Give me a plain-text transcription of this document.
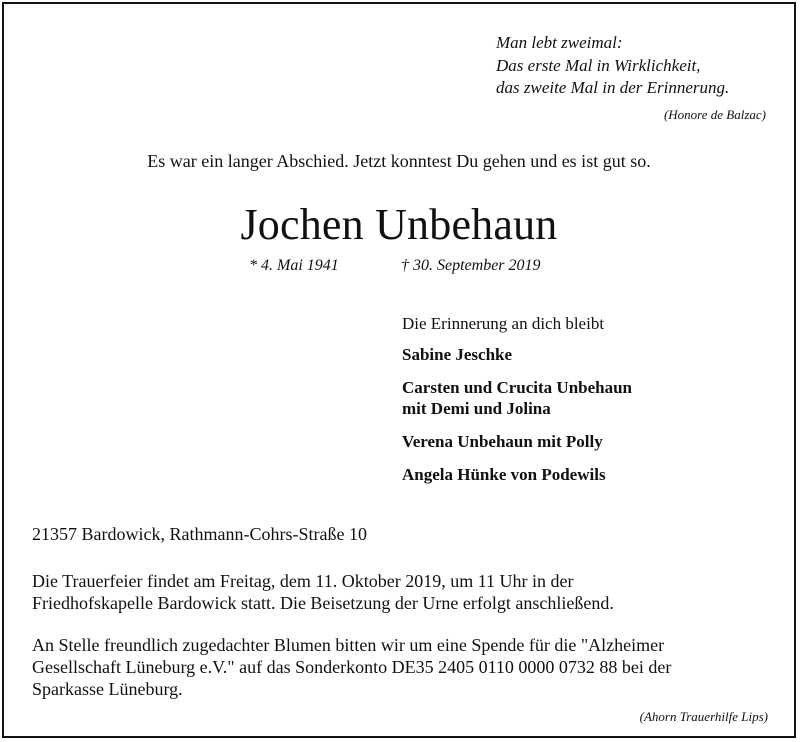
Man lebt zweimal:
Das erste Mal in Wirklichkeit,
das zweite Mal in der Erinnerung.
(Honore de Balzac)
Es war ein langer Abschied. Jetzt konntest Du gehen und es ist gut so.
Jochen Unbehaun
* 4. Mai 1941	† 30. September 2019
Die Erinnerung an dich bleibt
Sabine Jeschke
Carsten und Crucita Unbehaun
mit Demi und Jolina
Verena Unbehaun mit Polly
Angela Hünke von Podewils
21357 Bardowick, Rathmann-Cohrs-Straße 10
Die Trauerfeier findet am Freitag, dem 11. Oktober 2019, um 11 Uhr in der
Friedhofskapelle Bardowick statt. Die Beisetzung der Urne erfolgt anschließend.
An Stelle freundlich zugedachter Blumen bitten wir um eine Spende für die "Alzheimer
Gesellschaft Lüneburg e.V." auf das Sonderkonto DE35 2405 0110 0000 0732 88 bei der
Sparkasse Lüneburg.
(Ahorn Trauerhilfe Lips)
